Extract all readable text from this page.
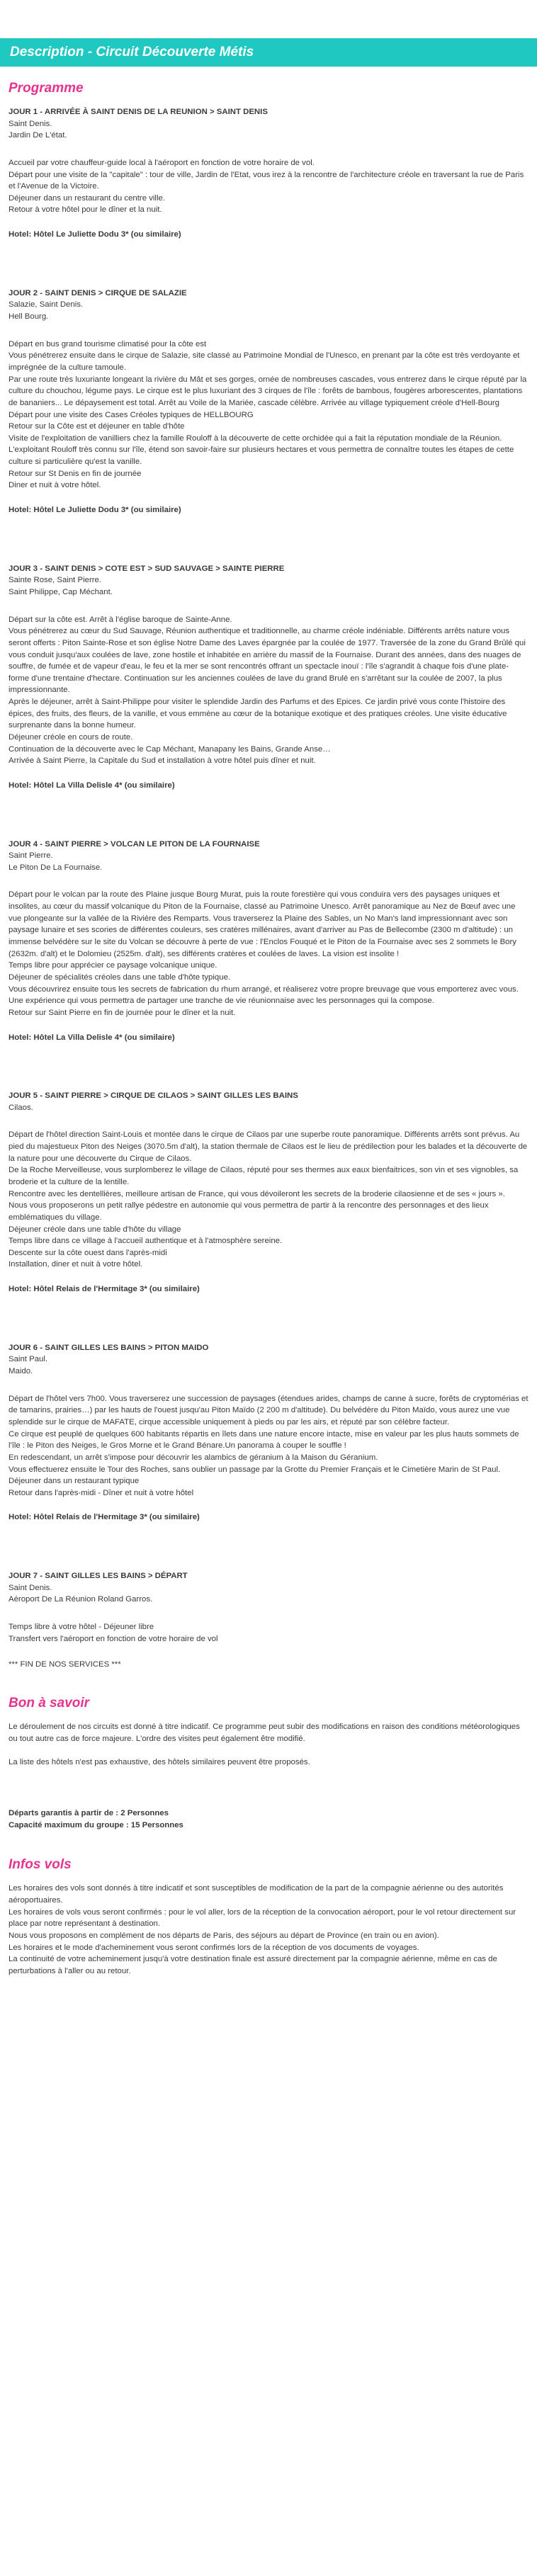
Description - Circuit Découverte Métis
Programme
JOUR 1 - ARRIVÉE À SAINT DENIS DE LA REUNION > SAINT DENIS
Saint Denis.
Jardin De L'état.

Accueil par votre chauffeur-guide local à l'aéroport en fonction de votre horaire de vol.

Départ pour une visite de la "capitale" : tour de ville, Jardin de l'Etat, vous irez à la rencontre de l'architecture créole en traversant la rue de Paris et l'Avenue de la Victoire.

Déjeuner dans un restaurant du centre ville.

Retour à votre hôtel pour le dîner et la nuit.

Hotel: Hôtel Le Juliette Dodu 3* (ou similaire)
JOUR 2 - SAINT DENIS > CIRQUE DE SALAZIE
Salazie, Saint Denis.
Hell Bourg.

Départ en bus grand tourisme climatisé pour la côte est

Vous pénétrerez ensuite dans le cirque de Salazie, site classé au Patrimoine Mondial de l'Unesco, en prenant par la côte est très verdoyante et imprégnée de la culture tamoule.

Par une route très luxuriante longeant la rivière du Mât et ses gorges, ornée de nombreuses cascades, vous entrerez dans le cirque réputé par la culture du chouchou, légume pays. Le cirque est le plus luxuriant des 3 cirques de l'île : forêts de bambous, fougères arborescentes, plantations de bananiers... Le dépaysement est total. Arrêt au Voile de la Mariée, cascade célèbre. Arrivée au village typiquement créole d'Hell-Bourg

Départ pour une visite des Cases Créoles typiques de HELLBOURG

Retour sur la Côte est et déjeuner en table d'hôte

Visite de l'exploitation de vanilliers chez la famille Rouloff à la découverte de cette orchidée qui a fait la réputation mondiale de la Réunion. L'exploitant Rouloff très connu sur l'île, étend son savoir-faire sur plusieurs hectares et vous permettra de connaître toutes les étapes de cette culture si particulière qu'est la vanille.

Retour sur St Denis en fin de journée

Diner et nuit à votre hôtel.

Hotel: Hôtel Le Juliette Dodu 3* (ou similaire)
JOUR 3 - SAINT DENIS > COTE EST > SUD SAUVAGE > SAINTE PIERRE
Sainte Rose, Saint Pierre.
Saint Philippe, Cap Méchant.

Départ sur la côte est. Arrêt à l'église baroque de Sainte-Anne.

Vous pénétrerez au cœur du Sud Sauvage, Réunion authentique et traditionnelle, au charme créole indéniable. Différents arrêts nature vous seront offerts : Piton Sainte-Rose et son église Notre Dame des Laves épargnée par la coulée de 1977. Traversée de la zone du Grand Brûlé qui vous conduit jusqu'aux coulées de lave, zone hostile et inhabitée en arrière du massif de la Fournaise. Durant des années, dans des nuages de souffre, de fumée et de vapeur d'eau, le feu et la mer se sont rencontrés offrant un spectacle inouï : l'île s'agrandit à chaque fois d'une plate-forme d'une trentaine d'hectare. Continuation sur les anciennes coulées de lave du grand Brulé en s'arrêtant sur la coulée de 2007, la plus impressionnante.

Après le déjeuner, arrêt à Saint-Philippe pour visiter le splendide Jardin des Parfums et des Epices. Ce jardin privé vous conte l'histoire des épices, des fruits, des fleurs, de la vanille, et vous emmène au cœur de la botanique exotique et des pratiques créoles. Une visite éducative surprenante dans la bonne humeur.

Déjeuner créole en cours de route.

Continuation de la découverte avec le Cap Méchant, Manapany les Bains, Grande Anse…

Arrivée à Saint Pierre, la Capitale du Sud et installation à votre hôtel puis dîner et nuit.

Hotel: Hôtel La Villa Delisle 4* (ou similaire)
JOUR 4 - SAINT PIERRE > VOLCAN LE PITON DE LA FOURNAISE
Saint Pierre.
Le Piton De La Fournaise.

Départ pour le volcan par la route des Plaine jusque Bourg Murat, puis la route forestière qui vous conduira vers des paysages uniques et insolites, au cœur du massif volcanique du Piton de la Fournaise, classé au Patrimoine Unesco. Arrêt panoramique au Nez de Bœuf avec une vue plongeante sur la vallée de la Rivière des Remparts. Vous traverserez la Plaine des Sables, un No Man's land impressionnant avec son paysage lunaire et ses scories de différentes couleurs, ses cratères millénaires, avant d'arriver au Pas de Bellecombe (2300 m d'altitude) : un immense belvédère sur le site du Volcan se découvre à perte de vue : l'Enclos Fouqué et le Piton de la Fournaise avec ses 2 sommets le Bory (2632m. d'alt) et le Dolomieu (2525m. d'alt), ses différents cratères et coulées de laves. La vision est insolite !

Temps libre pour apprécier ce paysage volcanique unique.

Déjeuner de spécialités créoles dans une table d'hôte typique.

Vous découvrirez ensuite tous les secrets de fabrication du rhum arrangé, et réaliserez votre propre breuvage que vous emporterez avec vous. Une expérience qui vous permettra de partager une tranche de vie réunionnaise avec les personnages qui la compose.

Retour sur Saint Pierre en fin de journée pour le dîner et la nuit.

Hotel: Hôtel La Villa Delisle 4* (ou similaire)
JOUR 5 - SAINT PIERRE > CIRQUE DE CILAOS > SAINT GILLES LES BAINS
Cilaos.

Départ de l'hôtel direction Saint-Louis et montée dans le cirque de Cilaos par une superbe route panoramique. Différents arrêts sont prévus. Au pied du majestueux Piton des Neiges (3070.5m d'alt), la station thermale de Cilaos est le lieu de prédilection pour les balades et la découverte de la nature pour une découverte du Cirque de Cilaos.

De la Roche Merveilleuse, vous surplomberez le village de Cilaos, réputé pour ses thermes aux eaux bienfaitrices, son vin et ses vignobles, sa broderie et la culture de la lentille.

Rencontre avec les dentellières, meilleure artisan de France, qui vous dévoileront les secrets de la broderie cilaosienne et de ses « jours ».

Nous vous proposerons un petit rallye pédestre en autonomie qui vous permettra de partir à la rencontre des personnages et des lieux emblématiques du village.

Déjeuner créole dans une table d'hôte du village

Temps libre dans ce village à l'accueil authentique et à l'atmosphère sereine.

Descente sur la côte ouest dans l'après-midi

Installation, diner et nuit à votre hôtel.

Hotel: Hôtel Relais de l'Hermitage 3* (ou similaire)
JOUR 6 - SAINT GILLES LES BAINS > PITON MAIDO
Saint Paul.
Maido.

Départ de l'hôtel vers 7h00. Vous traverserez une succession de paysages (étendues arides, champs de canne à sucre, forêts de cryptomérias et de tamarins, prairies…) par les hauts de l'ouest jusqu'au Piton Maïdo (2 200 m d'altitude). Du belvédère du Piton Maïdo, vous aurez une vue splendide sur le cirque de MAFATE, cirque accessible uniquement à pieds ou par les airs, et réputé par son célèbre facteur.

Ce cirque est peuplé de quelques 600 habitants répartis en îlets dans une nature encore intacte, mise en valeur par les plus hauts sommets de l'île : le Piton des Neiges, le Gros Morne et le Grand Bénare.Un panorama à couper le souffle !

En redescendant, un arrêt s'impose pour découvrir les alambics de géranium à la Maison du Géranium.

Vous effectuerez ensuite le Tour des Roches, sans oublier un passage par la Grotte du Premier Français et le Cimetière Marin de St Paul.

Déjeuner dans un restaurant typique

Retour dans l'après-midi - Dîner et nuit à votre hôtel

Hotel: Hôtel Relais de l'Hermitage 3* (ou similaire)
JOUR 7 - SAINT GILLES LES BAINS > DÉPART
Saint Denis.
Aéroport De La Réunion Roland Garros.

Temps libre à votre hôtel - Déjeuner libre

Transfert vers l'aéroport en fonction de votre horaire de vol

*** FIN DE NOS SERVICES ***
Bon à savoir

Le déroulement de nos circuits est donné à titre indicatif. Ce programme peut subir des modifications en raison des conditions météorologiques ou tout autre cas de force majeure. L'ordre des visites peut également être modifié.

La liste des hôtels n'est pas exhaustive, des hôtels similaires peuvent être proposés.

Départs garantis à partir de : 2 Personnes

Capacité maximum du groupe : 15 Personnes

Infos vols
Les horaires des vols sont donnés à titre indicatif et sont susceptibles de modification de la part de la compagnie aérienne ou des autorités aéroportuaires.
Les horaires de vols vous seront confirmés : pour le vol aller, lors de la réception de la convocation aéroport, pour le vol retour directement sur place par notre représentant à destination.
Nous vous proposons en complément de nos départs de Paris, des séjours au départ de Province (en train ou en avion).
Les horaires et le mode d'acheminement vous seront confirmés lors de la réception de vos documents de voyages.
La continuité de votre acheminement jusqu'à votre destination finale est assuré directement par la compagnie aérienne, même en cas de perturbations à l'aller ou au retour.
